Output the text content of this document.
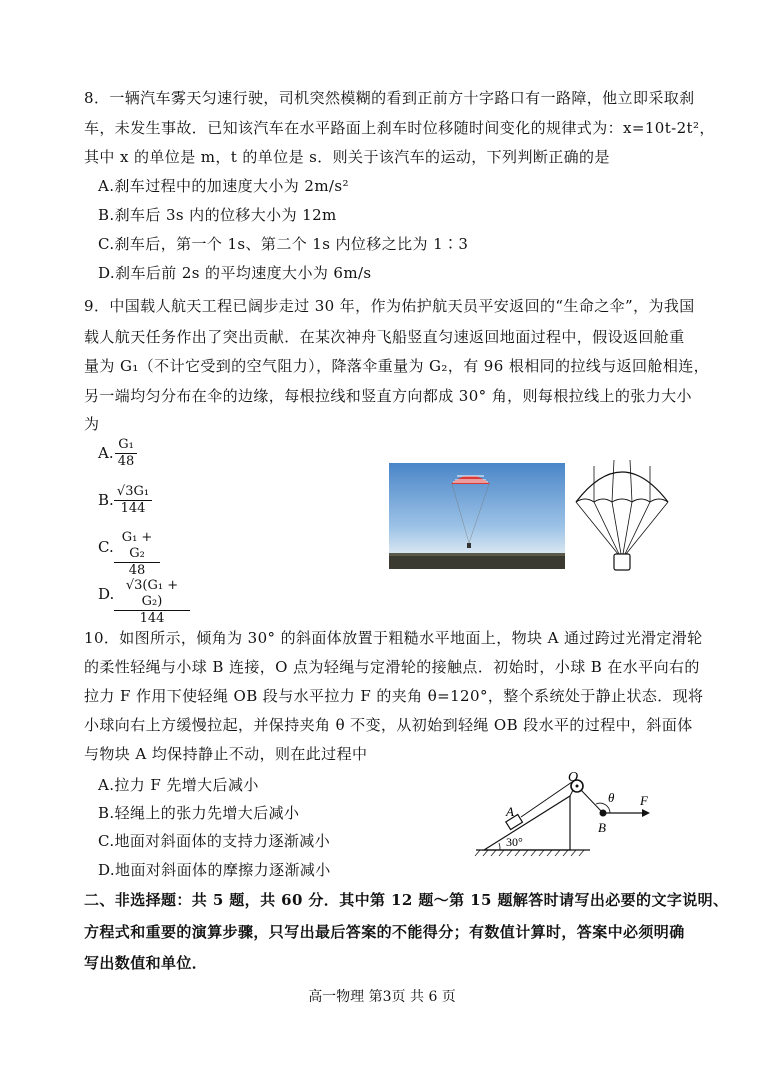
8．一辆汽车雾天匀速行驶，司机突然模糊的看到正前方十字路口有一路障，他立即采取刹
车，未发生事故．已知该汽车在水平路面上刹车时位移随时间变化的规律式为：x=10t-2t²，
其中 x 的单位是 m，t 的单位是 s．则关于该汽车的运动，下列判断正确的是
A.刹车过程中的加速度大小为 2m/s²
B.刹车后 3s 内的位移大小为 12m
C.刹车后，第一个 1s、第二个 1s 内位移之比为 1∶3
D.刹车后前 2s 的平均速度大小为 6m/s
9．中国载人航天工程已阔步走过 30 年，作为佑护航天员平安返回的“生命之伞”，为我国
载人航天任务作出了突出贡献．在某次神舟飞船竖直匀速返回地面过程中，假设返回舱重
量为 G₁（不计它受到的空气阻力），降落伞重量为 G₂，有 96 根相同的拉线与返回舱相连，
另一端均匀分布在伞的边缘，每根拉线和竖直方向都成 30° 角，则每根拉线上的张力大小
为
A. $\frac{\text{G₁}}{48}$
B. $\frac{\text{√3G₁}}{144}$
C. $\frac{\text{G₁ + G₂}}{48}$
D. $\frac{\text{√3(G₁ + G₂)}}{144}$
10．如图所示，倾角为 30° 的斜面体放置于粗糙水平地面上，物块 A 通过跨过光滑定滑轮
的柔性轻绳与小球 B 连接，O 点为轻绳与定滑轮的接触点．初始时，小球 B 在水平向右的
拉力 F 作用下使轻绳 OB 段与水平拉力 F 的夹角 θ=120°，整个系统处于静止状态．现将
小球向右上方缓慢拉起，并保持夹角 θ 不变，从初始到轻绳 OB 段水平的过程中，斜面体
与物块 A 均保持静止不动，则在此过程中
A.拉力 F 先增大后减小
B.轻绳上的张力先增大后减小
C.地面对斜面体的支持力逐渐减小
D.地面对斜面体的摩擦力逐渐减小
O
A
B
F
θ
30°
二、非选择题：共 5 题，共 60 分．其中第 12 题～第 15 题解答时请写出必要的文字说明、
方程式和重要的演算步骤，只写出最后答案的不能得分；有数值计算时，答案中必须明确
写出数值和单位．
高一物理 第3页 共 6 页
